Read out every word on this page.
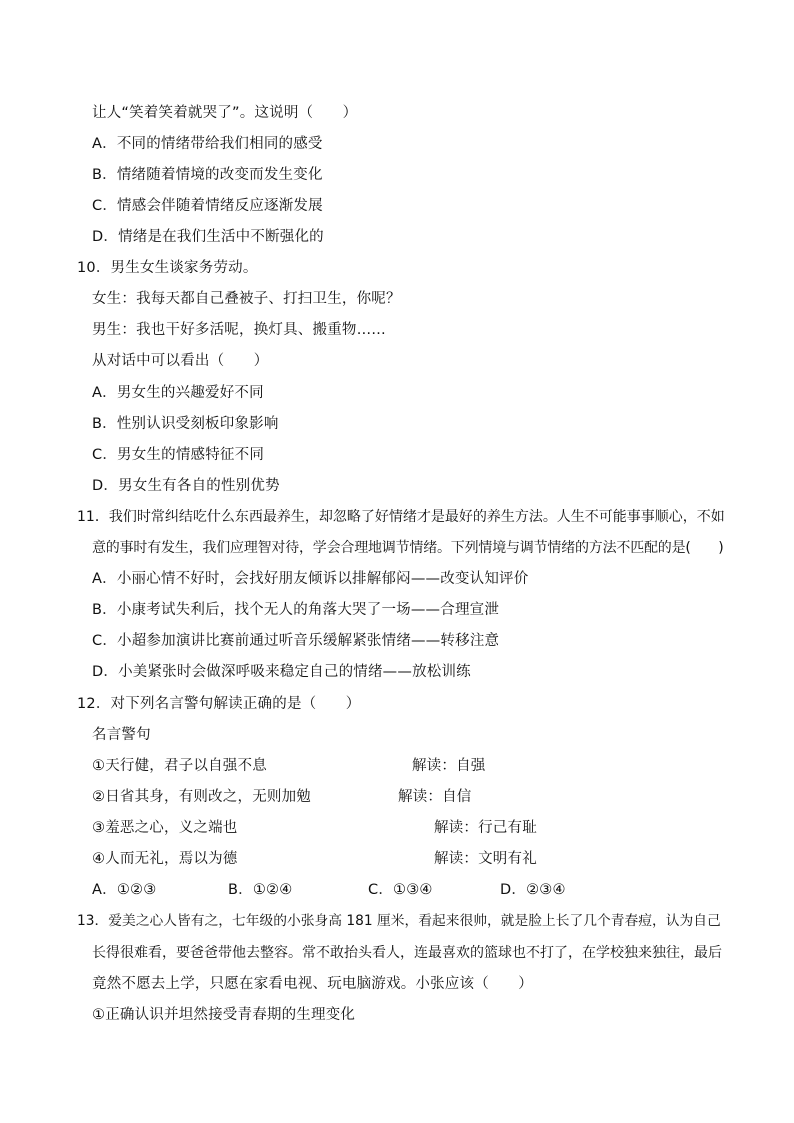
让人“笑着笑着就哭了”。这说明（　　）
A．不同的情绪带给我们相同的感受
B．情绪随着情境的改变而发生变化
C．情感会伴随着情绪反应逐渐发展
D．情绪是在我们生活中不断强化的
10．男生女生谈家务劳动。
女生：我每天都自己叠被子、打扫卫生，你呢？
男生：我也干好多活呢，换灯具、搬重物……
从对话中可以看出（　　）
A．男女生的兴趣爱好不同
B．性别认识受刻板印象影响
C．男女生的情感特征不同
D．男女生有各自的性别优势
11．我们时常纠结吃什么东西最养生，却忽略了好情绪才是最好的养生方法。人生不可能事事顺心，不如
意的事时有发生，我们应理智对待，学会合理地调节情绪。下列情境与调节情绪的方法不匹配的是(　　)
A．小丽心情不好时，会找好朋友倾诉以排解郁闷——改变认知评价
B．小康考试失利后，找个无人的角落大哭了一场——合理宣泄
C．小超参加演讲比赛前通过听音乐缓解紧张情绪——转移注意
D．小美紧张时会做深呼吸来稳定自己的情绪——放松训练
12．对下列名言警句解读正确的是（　　）
名言警句
①天行健，君子以自强不息	解读：自强
②日省其身，有则改之，无则加勉	解读：自信
③羞恶之心，义之端也	解读：行己有耻
④人而无礼，焉以为德	解读：文明有礼
A．①②③	B．①②④	C．①③④	D．②③④
13．爱美之心人皆有之，七年级的小张身高 181 厘米，看起来很帅，就是脸上长了几个青春痘，认为自己
长得很难看，要爸爸带他去整容。常不敢抬头看人，连最喜欢的篮球也不打了，在学校独来独往，最后
竟然不愿去上学，只愿在家看电视、玩电脑游戏。小张应该（　　）
①正确认识并坦然接受青春期的生理变化
